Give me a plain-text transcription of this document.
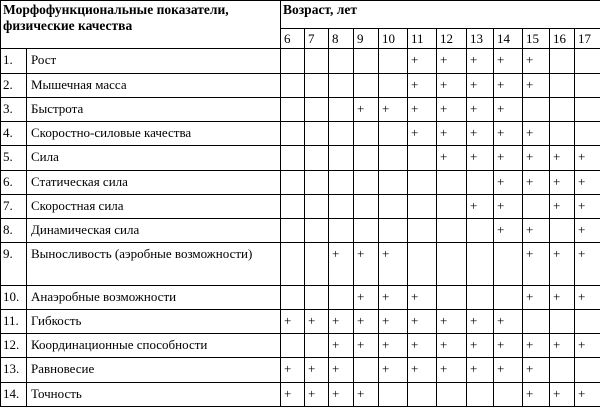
Морфофункциональные показатели, физические качества		Возраст, лет											
		6	7	8	9	10	11	12	13	14	15	16	17
1.	Рост						+	+	+	+	+		
2.	Мышечная масса						+	+	+	+	+		
3.	Быстрота				+	+	+	+	+	+			
4.	Скоростно-силовые качества						+	+	+	+	+		
5.	Сила							+	+	+	+	+	+
6.	Статическая сила									+	+	+	+
7.	Скоростная сила								+	+		+	+
8.	Динамическая сила									+	+		+
9.	Выносливость (аэробные возможности)			+	+	+					+	+	+
10.	Анаэробные возможности				+	+	+				+	+	+
11.	Гибкость	+	+	+	+	+	+	+	+	+			
12.	Координационные способности			+	+	+	+	+	+	+	+	+	+
13.	Равновесие	+	+	+		+	+	+	+	+	+		
14.	Точность	+	+	+	+						+	+	+
